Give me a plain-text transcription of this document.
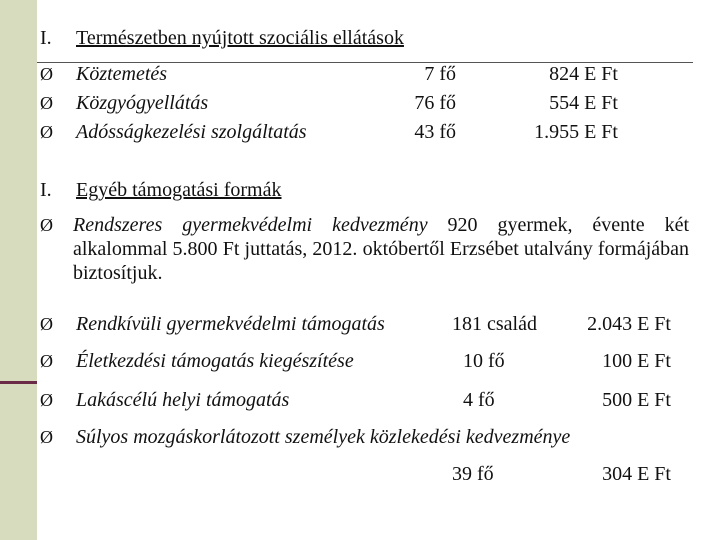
I. Természetben nyújtott szociális ellátások
Ø Köztemetés	7 fő	824 E Ft
Ø Közgyógyellátás	76 fő	554 E Ft
Ø Adósságkezelési szolgáltatás	43 fő	1.955 E Ft
I. Egyéb támogatási formák
Ø Rendszeres gyermekvédelmi kedvezmény 920 gyermek, évente két alkalommal 5.800 Ft juttatás, 2012. októbertől Erzsébet utalvány formájában biztosítjuk.
Ø Rendkívüli gyermekvédelmi támogatás	181 család	2.043 E Ft
Ø Életkezdési támogatás kiegészítése	10 fő	100 E Ft
Ø Lakáscélú helyi támogatás	4 fő	500 E Ft
Ø Súlyos mozgáskorlátozott személyek közlekedési kedvezménye
39 fő	304 E Ft
